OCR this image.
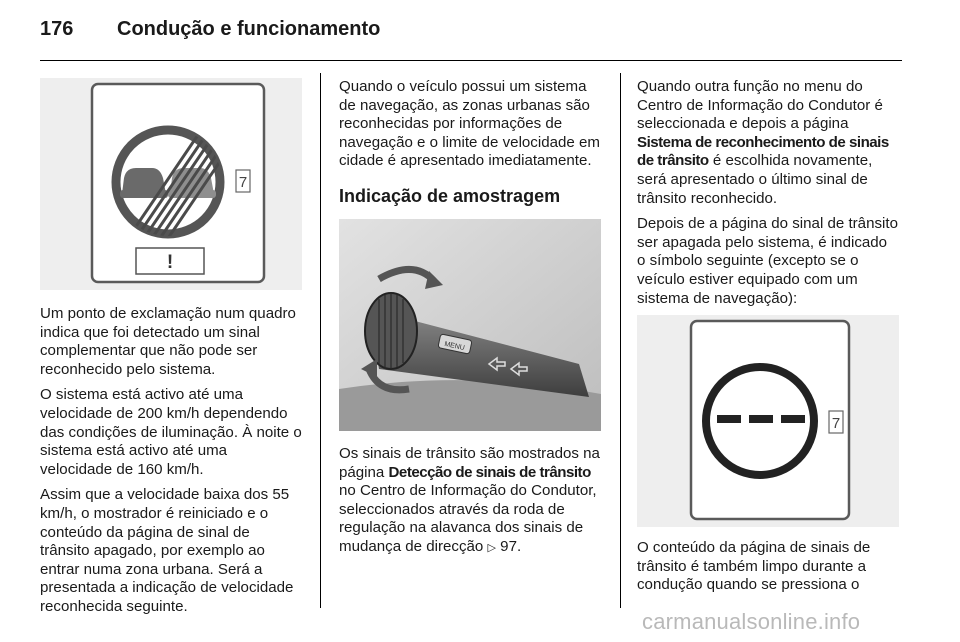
176 Condução e funcionamento
7
!

Um ponto de exclamação num quadro indica que foi detectado um sinal complementar que não pode ser reconhecido pelo sistema.

O sistema está activo até uma velocidade de 200 km/h dependendo das condições de iluminação. À noite o sistema está activo até uma velocidade de 160 km/h.

Assim que a velocidade baixa dos 55 km/h, o mostrador é reiniciado e o conteúdo da página de sinal de trânsito apagado, por exemplo ao entrar numa zona urbana. Será a presentada a indicação de velocidade reconhecida seguinte.

Quando o veículo possui um sistema de navegação, as zonas urbanas são reconhecidas por informações de navegação e o limite de velocidade em cidade é apresentado imediatamente.

Indicação de amostragem
MENU

Os sinais de trânsito são mostrados na página Detecção de sinais de trânsito no Centro de Informação do Condutor, seleccionados através da roda de regulação na alavanca dos sinais de mudança de direcção ▷ 97.

Quando outra função no menu do Centro de Informação do Condutor é seleccionada e depois a página Sistema de reconhecimento de sinais de trânsito é escolhida novamente, será apresentado o último sinal de trânsito reconhecido.

Depois de a página do sinal de trânsito ser apagada pelo sistema, é indicado o símbolo seguinte (excepto se o veículo estiver equipado com um sistema de navegação):

7

O conteúdo da página de sinais de trânsito é também limpo durante a condução quando se pressiona o

carmanualsonline.info
